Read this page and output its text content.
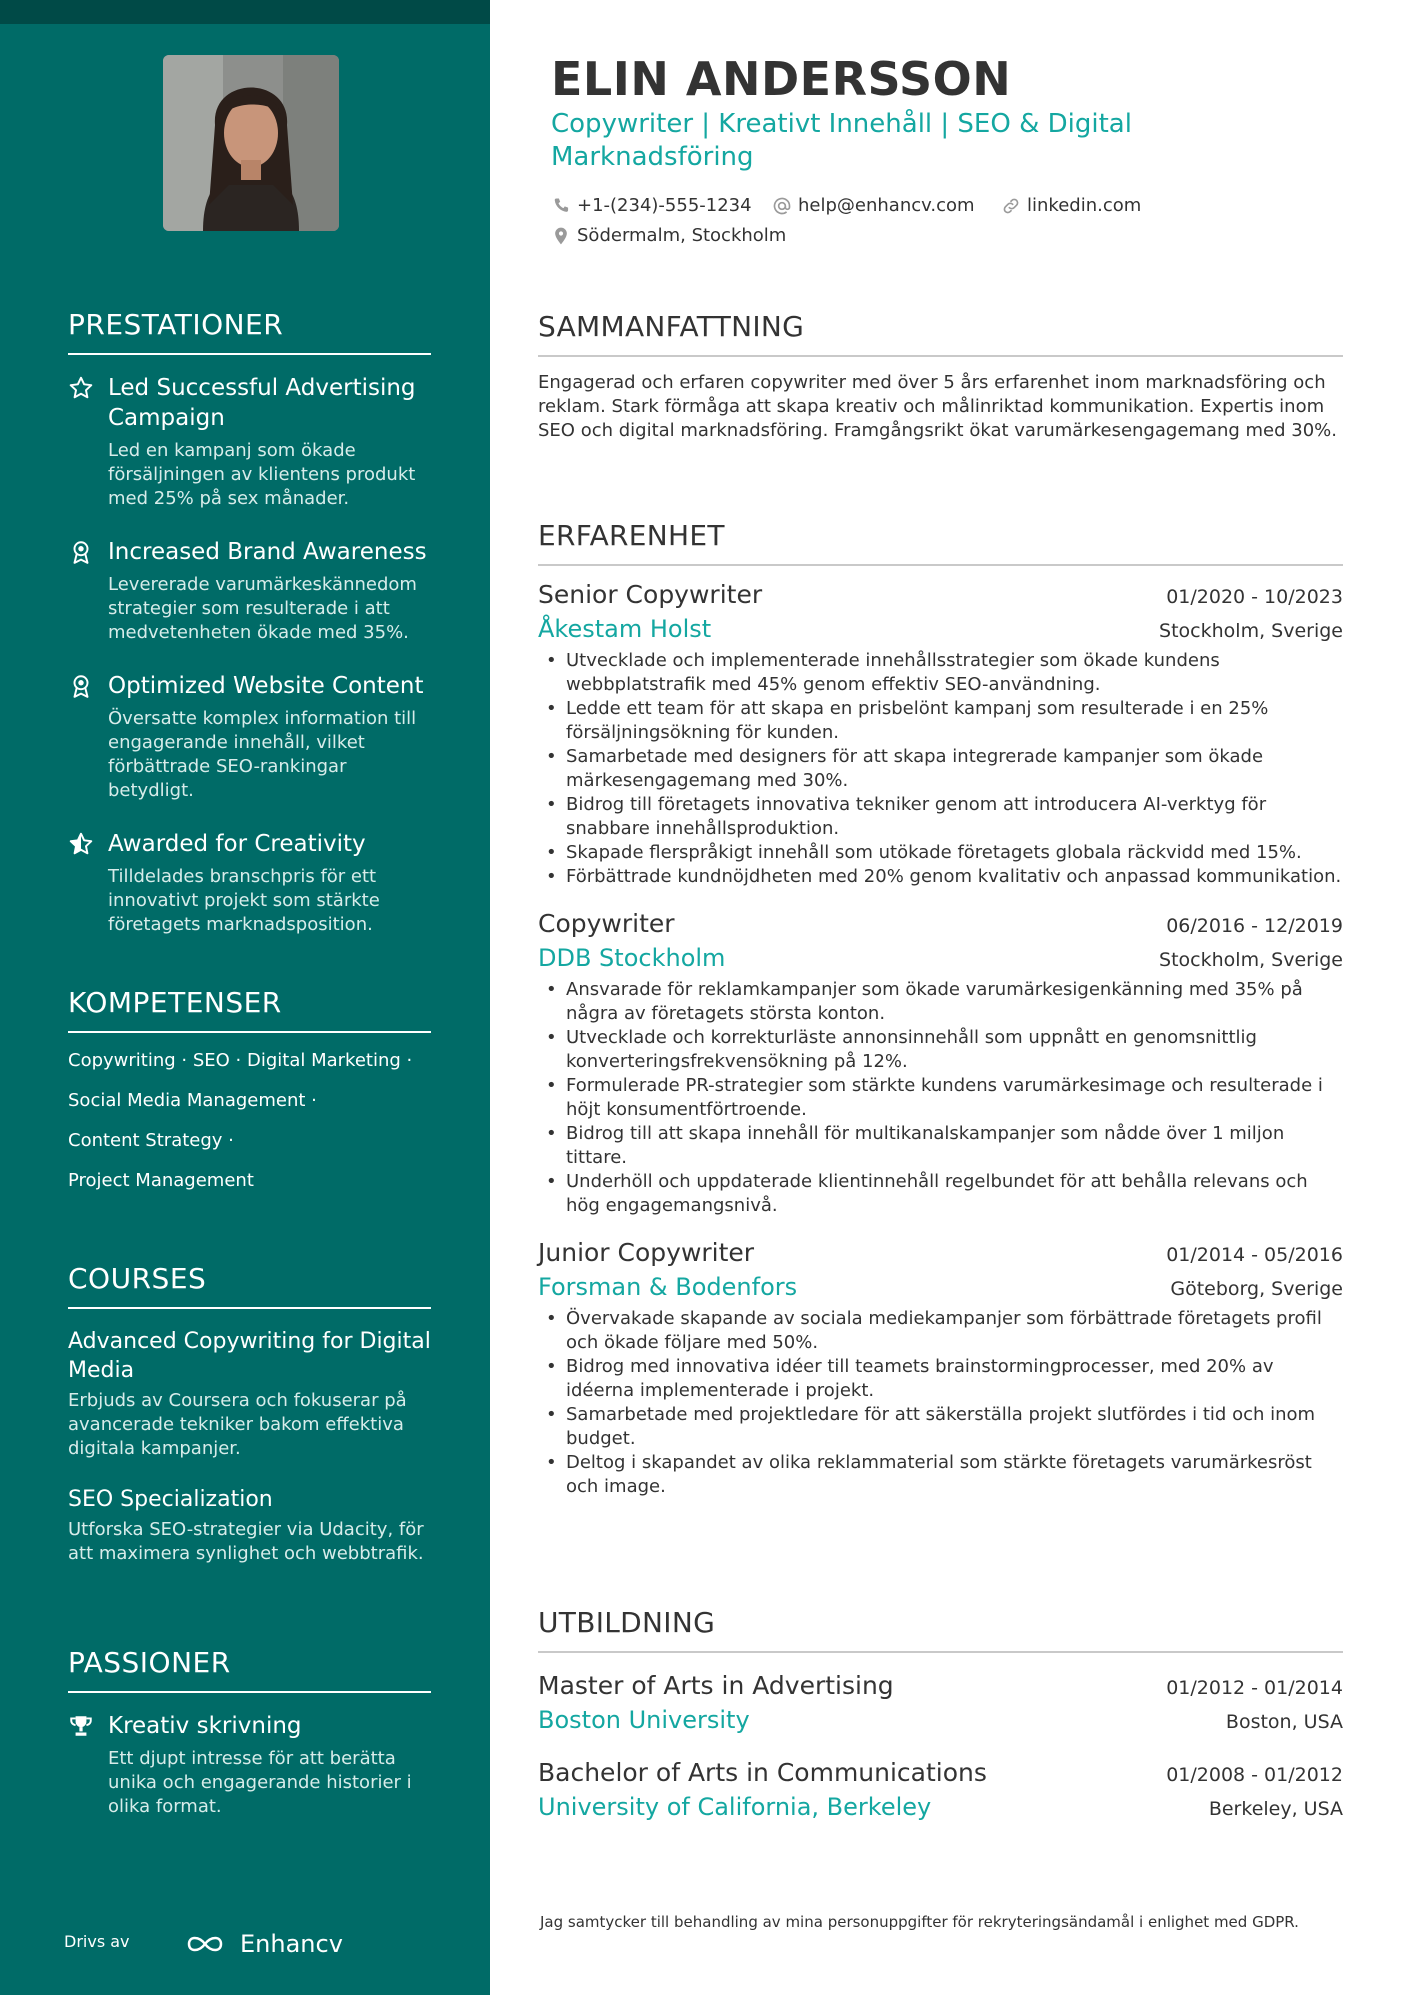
PRESTATIONER
Led Successful Advertising Campaign
Led en kampanj som ökade försäljningen av klientens produkt med 25% på sex månader.
Increased Brand Awareness
Levererade varumärkeskännedom strategier som resulterade i att medvetenheten ökade med 35%.
Optimized Website Content
Översatte komplex information till engagerande innehåll, vilket förbättrade SEO-rankingar betydligt.
Awarded for Creativity
Tilldelades branschpris för ett innovativt projekt som stärkte företagets marknadsposition.
KOMPETENSER
Copywriting · SEO · Digital Marketing ·
Social Media Management ·
Content Strategy ·
Project Management
COURSES
Advanced Copywriting for Digital Media
Erbjuds av Coursera och fokuserar på avancerade tekniker bakom effektiva digitala kampanjer.
SEO Specialization
Utforska SEO-strategier via Udacity, för att maximera synlighet och webbtrafik.
PASSIONER
Kreativ skrivning
Ett djupt intresse för att berätta unika och engagerande historier i olika format.
Drivs av	Enhancv
ELIN ANDERSSON
Copywriter | Kreativt Innehåll | SEO & Digital Marknadsföring
+1-(234)-555-1234	help@enhancv.com	linkedin.com
Södermalm, Stockholm
SAMMANFATTNING
Engagerad och erfaren copywriter med över 5 års erfarenhet inom marknadsföring och reklam. Stark förmåga att skapa kreativ och målinriktad kommunikation. Expertis inom SEO och digital marknadsföring. Framgångsrikt ökat varumärkesengagemang med 30%.
ERFARENHET
Senior Copywriter	01/2020 - 10/2023
Åkestam Holst	Stockholm, Sverige
• Utvecklade och implementerade innehållsstrategier som ökade kundens webbplatstrafik med 45% genom effektiv SEO-användning.
• Ledde ett team för att skapa en prisbelönt kampanj som resulterade i en 25% försäljningsökning för kunden.
• Samarbetade med designers för att skapa integrerade kampanjer som ökade märkesengagemang med 30%.
• Bidrog till företagets innovativa tekniker genom att introducera AI-verktyg för snabbare innehållsproduktion.
• Skapade flerspråkigt innehåll som utökade företagets globala räckvidd med 15%.
• Förbättrade kundnöjdheten med 20% genom kvalitativ och anpassad kommunikation.
Copywriter	06/2016 - 12/2019
DDB Stockholm	Stockholm, Sverige
• Ansvarade för reklamkampanjer som ökade varumärkesigenkänning med 35% på några av företagets största konton.
• Utvecklade och korrekturläste annonsinnehåll som uppnått en genomsnittlig konverteringsfrekvensökning på 12%.
• Formulerade PR-strategier som stärkte kundens varumärkesimage och resulterade i höjt konsumentförtroende.
• Bidrog till att skapa innehåll för multikanalskampanjer som nådde över 1 miljon tittare.
• Underhöll och uppdaterade klientinnehåll regelbundet för att behålla relevans och hög engagemangsnivå.
Junior Copywriter	01/2014 - 05/2016
Forsman & Bodenfors	Göteborg, Sverige
• Övervakade skapande av sociala mediekampanjer som förbättrade företagets profil och ökade följare med 50%.
• Bidrog med innovativa idéer till teamets brainstormingprocesser, med 20% av idéerna implementerade i projekt.
• Samarbetade med projektledare för att säkerställa projekt slutfördes i tid och inom budget.
• Deltog i skapandet av olika reklammaterial som stärkte företagets varumärkesröst och image.
UTBILDNING
Master of Arts in Advertising	01/2012 - 01/2014
Boston University	Boston, USA
Bachelor of Arts in Communications	01/2008 - 01/2012
University of California, Berkeley	Berkeley, USA
Jag samtycker till behandling av mina personuppgifter för rekryteringsändamål i enlighet med GDPR.
